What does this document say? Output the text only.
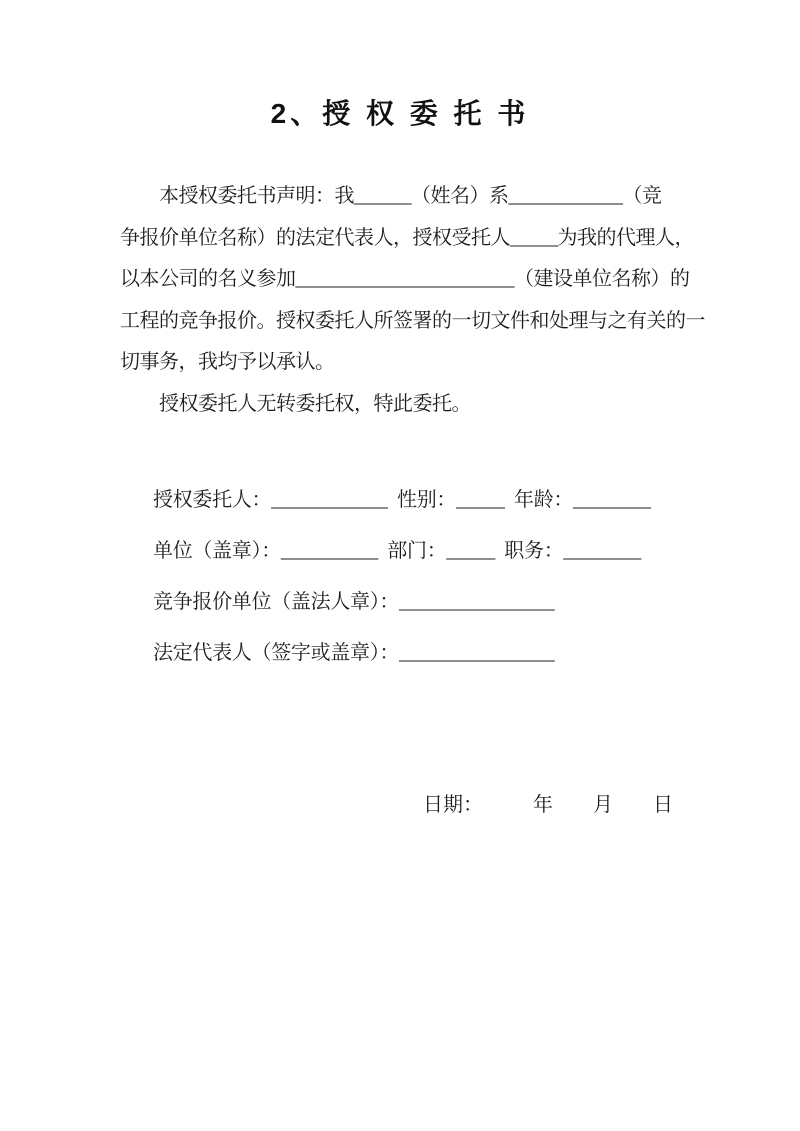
2、授 权 委 托 书
　　本授权委托书声明：我______（姓名）系____________（竞
争报价单位名称）的法定代表人，授权受托人_____为我的代理人，
以本公司的名义参加_______________________（建设单位名称）的
工程的竞争报价。授权委托人所签署的一切文件和处理与之有关的一
切事务，我均予以承认。
　　授权委托人无转委托权，特此委托。
授权委托人：____________  性别：_____  年龄：________
单位（盖章）：__________  部门：_____  职务：________
竞争报价单位（盖法人章）：________________
法定代表人（签字或盖章）：________________
日期：　　　年　　月　　日
